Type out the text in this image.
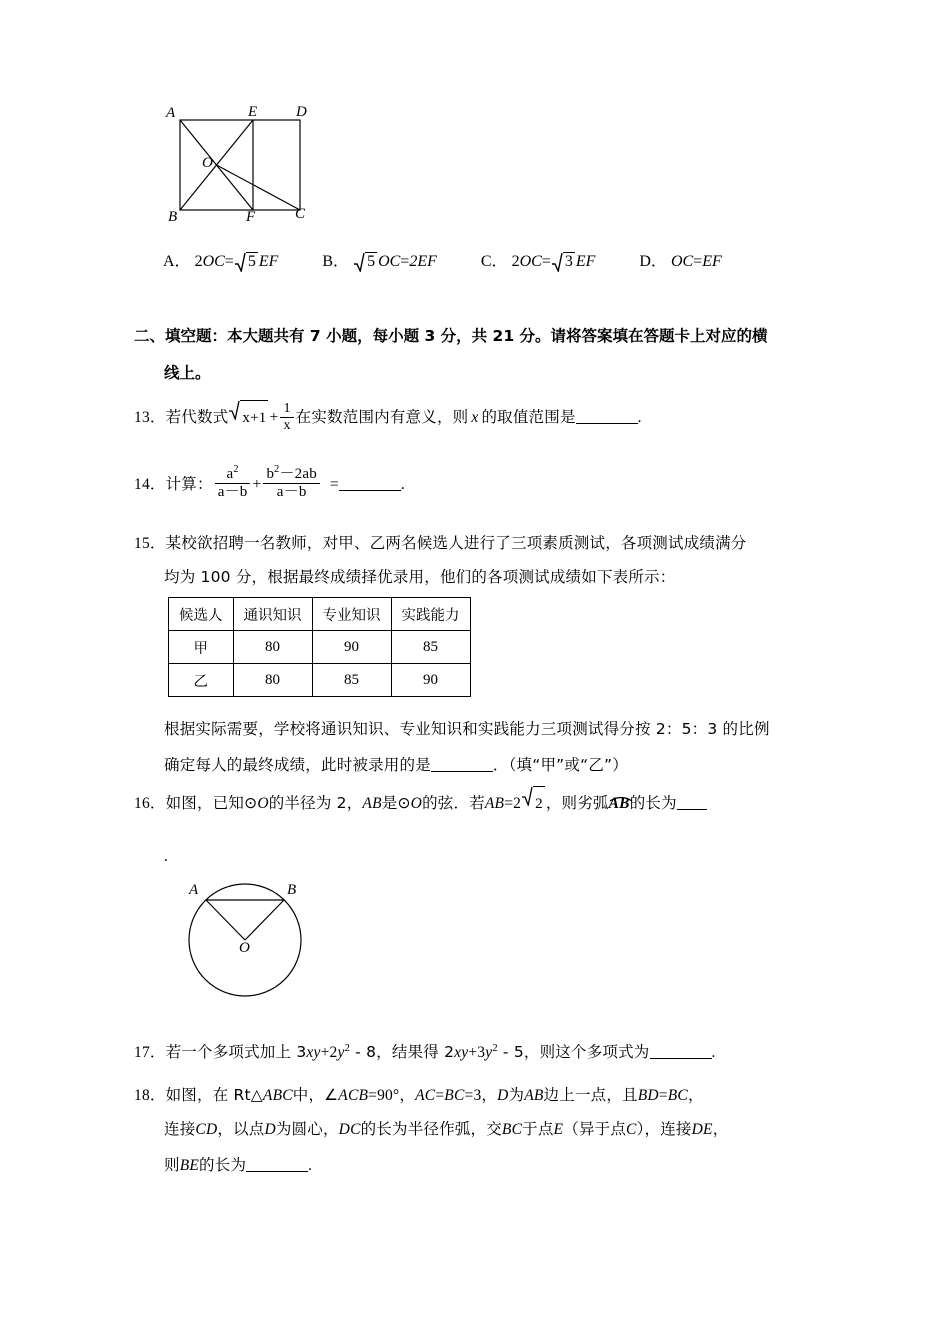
A	E	D
O
B	F	C
A． 2OC= 5 EF	B． 5 OC=2EF	C． 2OC= 3 EF	D． OC=EF
二、填空题：本大题共有 7 小题，每小题 3 分，共 21 分。请将答案填在答题卡上对应的横
线上。
13．若代数式 $x+1 + \frac{1}{x}$ 在实数范围内有意义，则 x 的取值范围是	.
14．计算： $\frac{a^2}{a-b} + \frac{b^2-2ab}{a-b}$ =	.
15．某校欲招聘一名教师，对甲、乙两名候选人进行了三项素质测试，各项测试成绩满分
均为 100 分，根据最终成绩择优录用，他们的各项测试成绩如下表所示：
候选人	通识知识	专业知识	实践能力
甲	80	90	85
乙	80	85	90
根据实际需要，学校将通识知识、专业知识和实践能力三项测试得分按 2：5：3 的比例
确定每人的最终成绩，此时被录用的是	．（填“甲”或“乙”）
16．如图，已知⊙O的半径为 2，AB是⊙O的弦．若AB=2 2 ，则劣弧
AB的长为
.
A	B
O
17．若一个多项式加上 $3xy+2y^2 - 8$，结果得 $2xy+3y^2 - 5$，则这个多项式为	.
18．如图，在 Rt△ABC中，∠ACB=90°，AC=BC=3，D为AB边上一点，且BD=BC，
连接CD，以点D为圆心，DC的长为半径作弧，交BC于点E（异于点C），连接DE，
则BE的长为	.
